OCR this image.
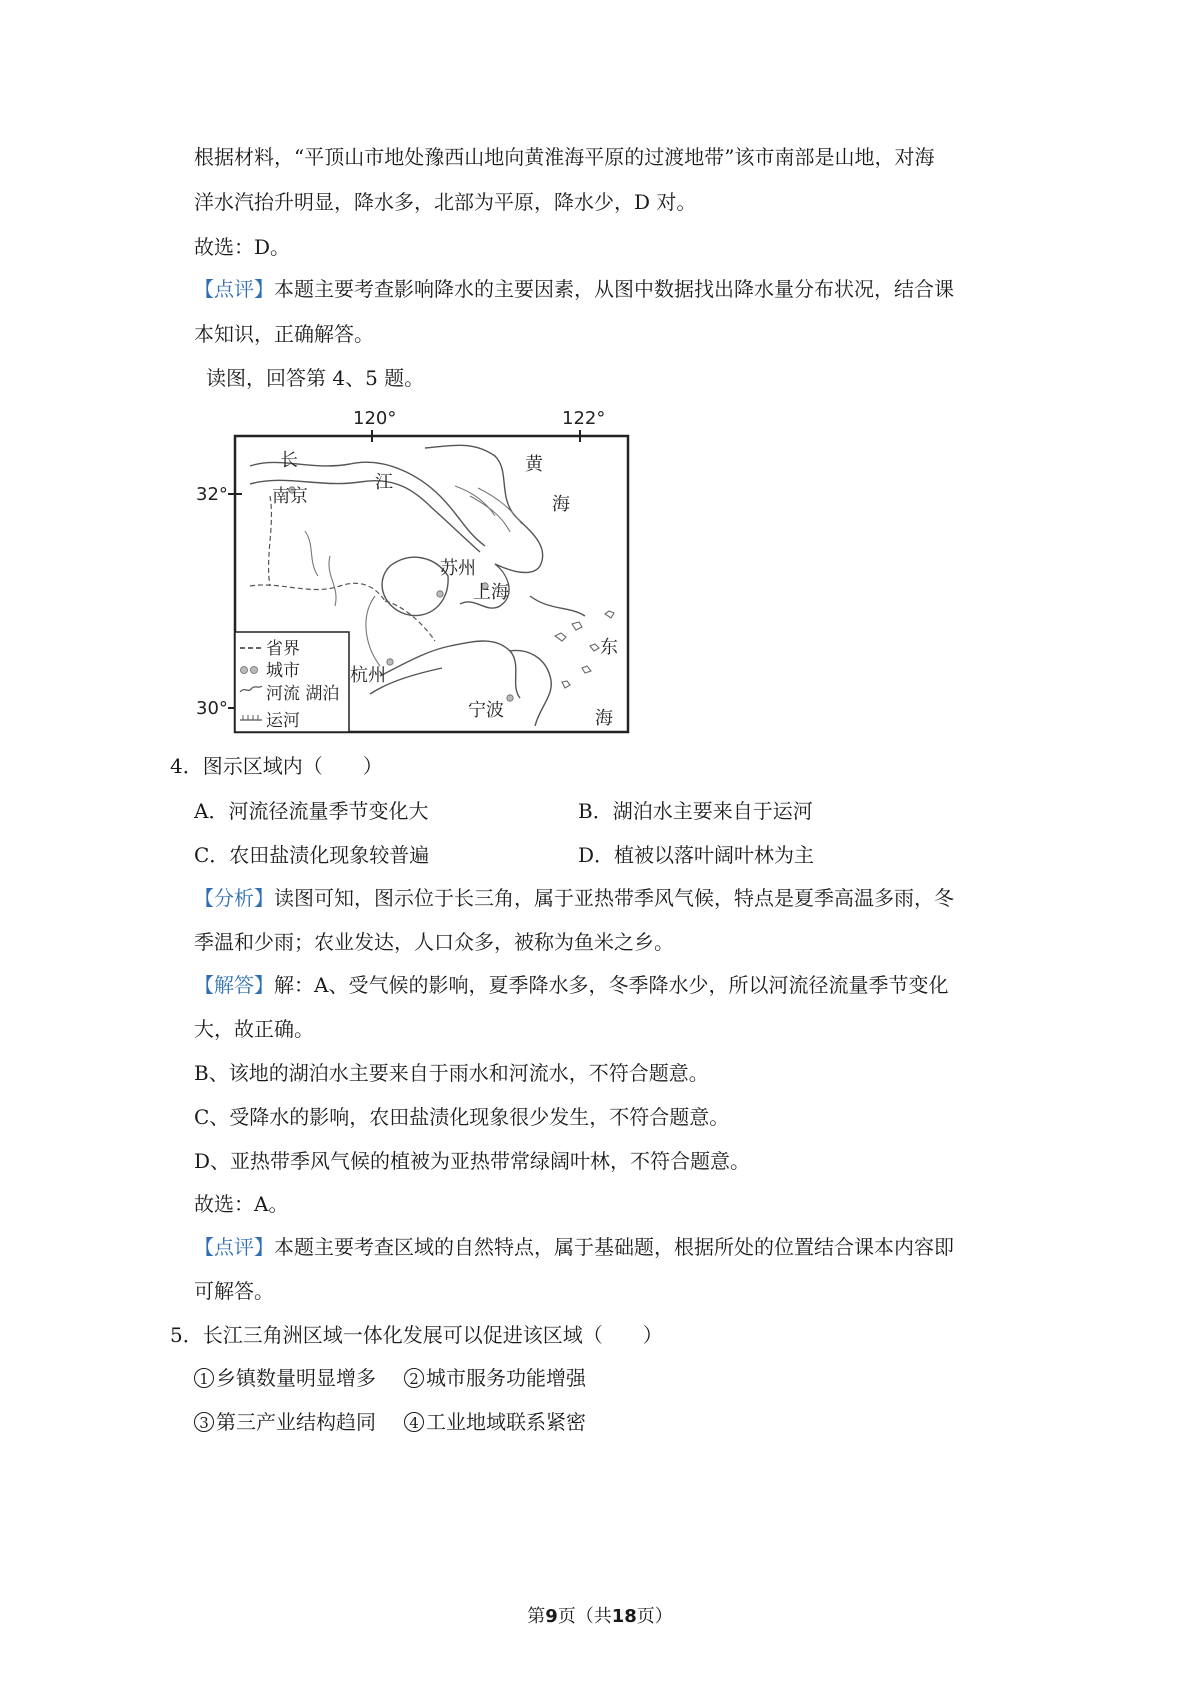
根据材料，“平顶山市地处豫西山地向黄淮海平原的过渡地带”该市南部是山地，对海
洋水汽抬升明显，降水多，北部为平原，降水少，D 对。
故选：D。
【点评】本题主要考查影响降水的主要因素，从图中数据找出降水量分布状况，结合课
本知识，正确解答。
读图，回答第 4、5 题。
120°	122°
32°
30°
长
江
南京
黄
海
苏州
上海
东
杭州
宁波	海
省界
城市
河流 湖泊
运河
4．图示区域内（　　）
A．河流径流量季节变化大	B．湖泊水主要来自于运河
C．农田盐渍化现象较普遍	D．植被以落叶阔叶林为主
【分析】读图可知，图示位于长三角，属于亚热带季风气候，特点是夏季高温多雨，冬
季温和少雨；农业发达，人口众多，被称为鱼米之乡。
【解答】解：A、受气候的影响，夏季降水多，冬季降水少，所以河流径流量季节变化
大，故正确。
B、该地的湖泊水主要来自于雨水和河流水，不符合题意。
C、受降水的影响，农田盐渍化现象很少发生，不符合题意。
D、亚热带季风气候的植被为亚热带常绿阔叶林，不符合题意。
故选：A。
【点评】本题主要考查区域的自然特点，属于基础题，根据所处的位置结合课本内容即
可解答。
5．长江三角洲区域一体化发展可以促进该区域（　　）
1 乡镇数量明显增多	2 城市服务功能增强
3 第三产业结构趋同	4 工业地域联系紧密
第9页（共18页）
